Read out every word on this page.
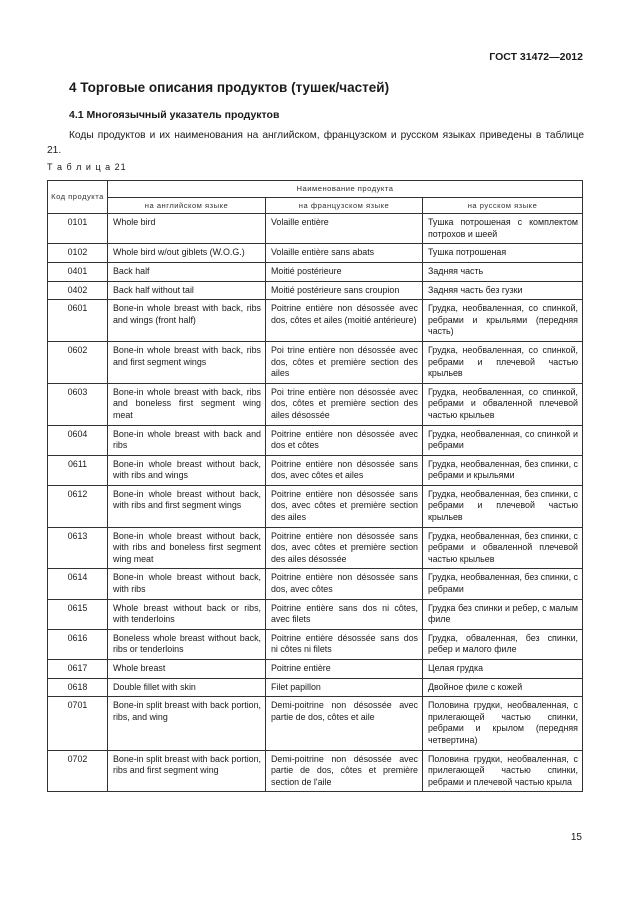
ГОСТ 31472—2012
4 Торговые описания продуктов (тушек/частей)
4.1 Многоязычный указатель продуктов

Коды продуктов и их наименования на английском, французском и русском языках приведены в таблице 21.

Т а б л и ц а 21
Код продукта	Наименование продукта		
	на английском языке	на французском языке	на русском языке
0101	Whole bird	Volaille entière	Тушка потрошеная с комплектом потрохов и шеей
0102	Whole bird w/out giblets (W.O.G.)	Volaille entière sans abats	Тушка потрошеная
0401	Back half	Moitié postérieure	Задняя часть
0402	Back half without tail	Moitié postérieure sans croupion	Задняя часть без гузки
0601	Bone-in whole breast with back, ribs and wings (front half)	Poitrine entière non désossée avec dos, côtes et ailes (moitié antérieure)	Грудка, необваленная, со спинкой, ребрами и крыльями (передняя часть)
0602	Bone-in whole breast with back, ribs and first segment wings	Poi trine entière non désossée avec dos, côtes et première section des ailes	Грудка, необваленная, со спинкой, ребрами и плечевой частью крыльев
0603	Bone-in whole breast with back, ribs and boneless first segment wing meat	Poi trine entière non désossée avec dos, côtes et première section des ailes désossée	Грудка, необваленная, со спинкой, ребрами и обваленной плечевой частью крыльев
0604	Bone-in whole breast with back and ribs	Poitrine entière non désossée avec dos et côtes	Грудка, необваленная, со спинкой и ребрами
0611	Bone-in whole breast without back, with ribs and wings	Poitrine entière non désossée sans dos, avec côtes et ailes	Грудка, необваленная, без спинки, с ребрами и крыльями
0612	Bone-in whole breast without back, with ribs and first segment wings	Poitrine entière non désossée sans dos, avec côtes et première section des ailes	Грудка, необваленная, без спинки, с ребрами и плечевой частью крыльев
0613	Bone-in whole breast without back, with ribs and boneless first segment wing meat	Poitrine entière non désossée sans dos, avec côtes et première section des ailes désossée	Грудка, необваленная, без спинки, с ребрами и обваленной плечевой частью крыльев
0614	Bone-in whole breast without back, with ribs	Poitrine entière non désossée sans dos, avec côtes	Грудка, необваленная, без спинки, с ребрами
0615	Whole breast without back or ribs, with tenderloins	Poitrine entière sans dos ni côtes, avec filets	Грудка без спинки и ребер, с малым филе
0616	Boneless whole breast without back, ribs or tenderloins	Poitrine entière désossée sans dos ni côtes ni filets	Грудка, обваленная, без спинки, ребер и малого филе
0617	Whole breast	Poitrine entière	Целая грудка
0618	Double fillet with skin	Filet papillon	Двойное филе с кожей
0701	Bone-in split breast with back portion, ribs, and wing	Demi-poitrine non désossée avec partie de dos, côtes et aile	Половина грудки, необваленная, с прилегающей частью спинки, ребрами и крылом (передняя четвертина)
0702	Bone-in split breast with back portion, ribs and first segment wing	Demi-poitrine non désossée avec partie de dos, côtes et première section de l'aile	Половина грудки, необваленная, с прилегающей частью спинки, ребрами и плечевой частью крыла
15
